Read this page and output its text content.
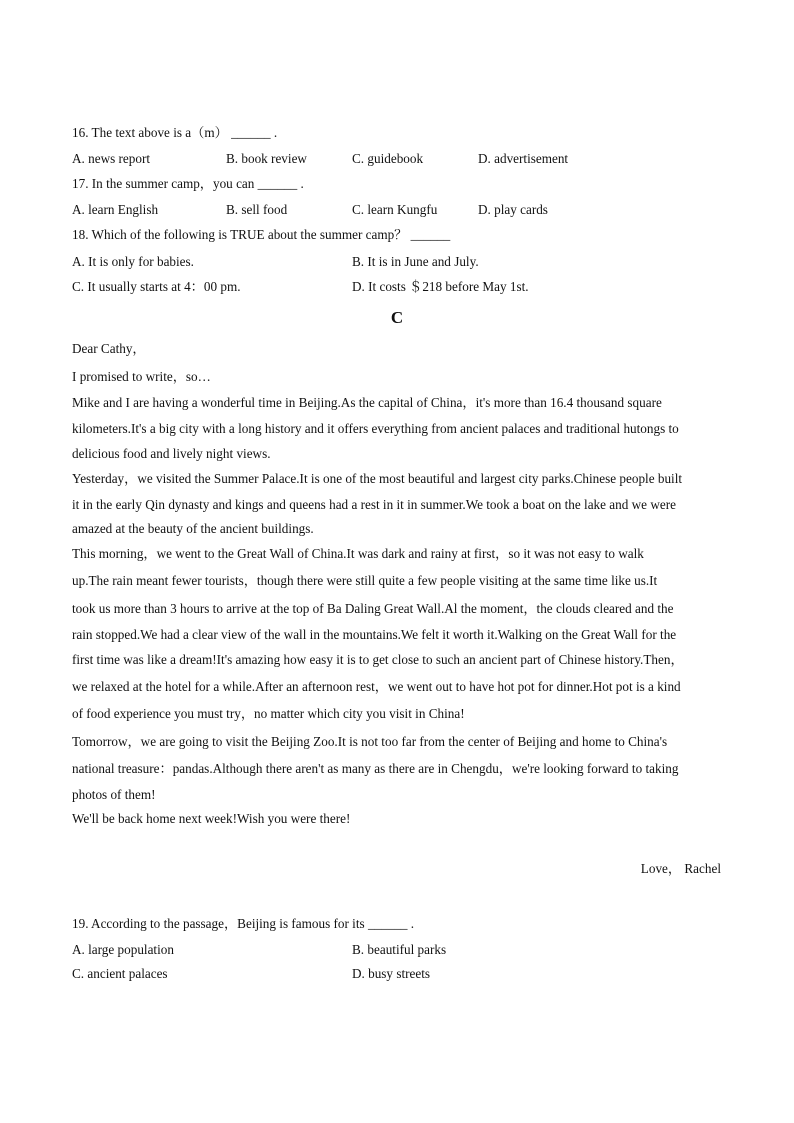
16. The text above is a（m） ______ .
A. news report	B. book review	C. guidebook	D. advertisement
17. In the summer camp，you can ______ .
A. learn English	B. sell food	C. learn Kungfu	D. play cards
18. Which of the following is TRUE about the summer camp？ ______
A. It is only for babies.	B. It is in June and July.
C. It usually starts at 4：00 pm.	D. It costs ＄218 before May 1st.
C
Dear Cathy，
I promised to write，so…
Mike and I are having a wonderful time in Beijing.As the capital of China，it's more than 16.4 thousand square
kilometers.It's a big city with a long history and it offers everything from ancient palaces and traditional hutongs to
delicious food and lively night views.
Yesterday，we visited the Summer Palace.It is one of the most beautiful and largest city parks.Chinese people built
it in the early Qin dynasty and kings and queens had a rest in it in summer.We took a boat on the lake and we were
amazed at the beauty of the ancient buildings.
This morning，we went to the Great Wall of China.It was dark and rainy at first，so it was not easy to walk
up.The rain meant fewer tourists，though there were still quite a few people visiting at the same time like us.It
took us more than 3 hours to arrive at the top of Ba Daling Great Wall.Al the moment，the clouds cleared and the
rain stopped.We had a clear view of the wall in the mountains.We felt it worth it.Walking on the Great Wall for the
first time was like a dream!It's amazing how easy it is to get close to such an ancient part of Chinese history.Then，
we relaxed at the hotel for a while.After an afternoon rest，we went out to have hot pot for dinner.Hot pot is a kind
of food experience you must try，no matter which city you visit in China!
Tomorrow，we are going to visit the Beijing Zoo.It is not too far from the center of Beijing and home to China's
national treasure：pandas.Although there aren't as many as there are in Chengdu，we're looking forward to taking
photos of them!
We'll be back home next week!Wish you were there!
Love， Rachel
19. According to the passage，Beijing is famous for its ______ .
A. large population	B. beautiful parks
C. ancient palaces	D. busy streets
